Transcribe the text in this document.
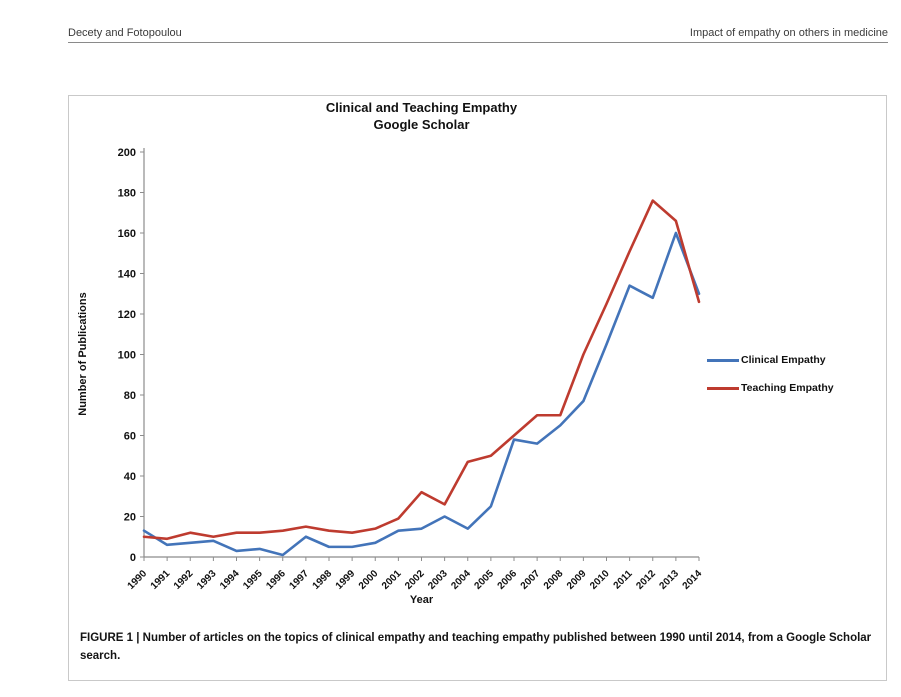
Decety and Fotopoulou	Impact of empathy on others in medicine
Clinical and Teaching Empathy
Google Scholar
Number of Publications
0
20
40
60
80
100
120
140
160
180
200
1990 1991 1992 1993 1994 1995 1996 1997 1998 1999 2000 2001 2002 2003 2004 2005 2006 2007 2008 2009 2010 2011 2012 2013 2014
Year
Clinical Empathy
Teaching Empathy
FIGURE 1 | Number of articles on the topics of clinical empathy and teaching empathy published between 1990 until 2014, from a Google Scholar search.
